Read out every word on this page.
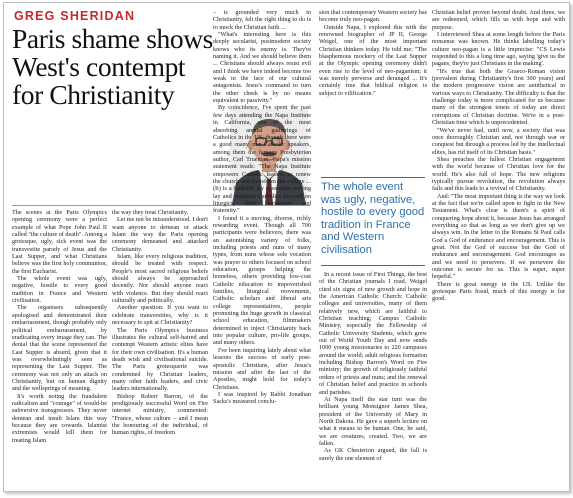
GREG SHERIDAN
Paris shame shows West's contempt for Christianity

The scenes at the Paris Olympics opening ceremony were a perfect example of what Pope John Paul II called "the culture of death". Among a grotesque, ugly, sick event was the transvestite parody of Jesus and the Last Supper, and what Christians believe was the first holy communion, the first Eucharist.

The whole event was ugly, negative, hostile to every good tradition in France and Western civilisation.

The organisers subsequently apologised and demonstrated their embarrassment, though probably only political embarrassment, by eradicating every image they can. The denial that the scene represented the Last Supper is absurd, given that it was overwhelmingly seen as representing the Last Supper. The ceremony was not only an attack on Christianity, but on human dignity and the wellsprings of meaning.

It's worth noting the fraudulent radicalism and "courage" of would-be subversive transgressors. They never demean and insult Islam this way because they are cowards. Islamist extremists would kill them for treating Islam

the way they treat Christianity.

Let me not be misunderstood. I don't want anyone to demean or attack Islam the way the Paris opening ceremony demeaned and attacked Christianity.

Islam, like every religious tradition, should be treated with respect. People's most sacred religious beliefs should always be approached decently. Nor should anyone react with violence. But they should react culturally and politically.

Another question: If you want to celebrate transvestites, why is it necessary to spit at Christianity?

The Paris Olympics business illustrates the cultural self-hatred and contempt Western artistic elites have for their own civilisation. It's a human death wish and civilisational suicide. The Paris grotesquerie was condemned by Christian leaders, many other faith leaders, and civic leaders internationally.

Bishop Robert Barron, of the prodigiously successful Word on Fire internet ministry, commented: "France, whose culture – and I mean the honouring of the individual, of human rights, of freedom

– is grounded very much in Christianity, felt the right thing to do is to mock the Christian faith ...

"What's interesting here is this deeply secularist, postmodern society knows who its enemy is. They're naming it. And we should believe them ... Christians should always resist evil and I think we have indeed become too weak in the face of our cultural antagonists. Jesus's command to turn the other cheek is by no means equivalent to passivity."

By coincidence, I've spent the past few days attending the Napa Institute in California, one of the most absorbing annual gatherings of Catholics in the US, though there were a good many non-Catholic speakers, among them the famous Presbyterian author, Carl Trueman. Napa's mission statement reads: "The Napa Institute empowers Catholic leaders to renew the church and transform the culture ... (It) is a Catholic lay apostolate serving lay and ordained Catholics focused on liturgics, faith formation and fraternity."

I found it a moving, diverse, richly rewarding event. Though all 700 participants were believers, there was an astonishing variety of folks, including priests and nuns of many types, from nuns whose sole vocation was prayer to others focused on school education, groups helping the homeless, others providing low-cost Catholic education to impoverished families, liturgical movements, Catholic scholars and liberal arts college representatives, people promoting the huge growth in classical school education, filmmakers determined to inject Christianity back into popular culture, pro-life groups, and many others.

I've been inquiring lately about what lessons the success of early post-apostolic Christians, after Jesus's mission and after the last of the Apostles, might hold for today's Christians.

I was inspired by Rabbi Jonathan Sacks's measured conclu-

sion that contemporary Western society has become truly neo-pagan.

Outside Napa, I explored this with the renowned biographer of JP II, George Weigel, one of the most important Christian thinkers today. He told me: "The blasphemous mockery of the Last Supper at the Olympic opening ceremony didn't even rise to the level of neo-paganism; it was merely perverse and deranged ... It's certainly true that biblical religion is subject to vilification."

The whole event was ugly, negative, hostile to every good tradition in France and Western civilisation

In a recent issue of First Things, the best of the Christian journals I read, Weigel cited six signs of new growth and hope in the American Catholic Church: Catholic colleges and universities, many of them relatively new, which are faithful to Christian teaching; Campus Catholic Ministry, especially the Fellowship of Catholic University Students, which grew out of World Youth Day and now sends 1000 young missionaries to 220 campuses around the world; adult religious formation including Bishop Barron's Word on Fire ministry; the growth of religiously faithful orders of priests and nuns; and the renewal of Christian belief and practice in schools and parishes.

At Napa itself the star turn was the brilliant young Monsignor James Shea, president of the University of Mary in North Dakota. He gave a superb lecture on what it means to be human. One, he said, we are creatures, created. Two, we are fallen.

As GK Chesterton argued, the fall is surely the one element of

Christian belief proven beyond doubt. And three, we are redeemed, which fills us with hope and with purpose.

I interviewed Shea at some length before the Paris nonsense was known. He thinks labelling today's culture neo-pagan is a little imprecise: "CS Lewis responded to this a long time ago, saying 'give us the pagans, they're just Christians in the making'.

"It's true that both the Graeco-Roman vision (prevalent during Christianity's first 300 years) and the modern progressive vision are antithetical in various ways to Christianity. The difficulty is that the challenge today is more complicated for us because many of the strongest tenets of today are direct corruptions of Christian doctrine. We're in a post-Christian time which is unprecedented.

"We've never had, until now, a society that was once thoroughly Christian and, not through war or conquest but through a process led by the intellectual elites, has rid itself of its Christian basis."

Shea preaches the fullest Christian engagement with the world because of Christian love for the world. He's also full of hope. The new religions typically pursue revolution, the revolution always fails and this leads to a revival of Christianity.

And: "The most important thing is the way we look at the fact that we're called upon to fight in the New Testament. What's clear is there's a spirit of conquering hope about it, because Jesus has arranged everything so that as long as we don't give up we always win. In the letter to the Romans St Paul calls God a God of endurance and encouragement. This is great. Not the God of success but the God of endurance and encouragement. God encourages us and we need to persevere. If we persevere the outcome is secure for us. This is super, super hopeful."

There is great energy in the US. Unlike the grotesque Paris fraud, much of this energy is for good.
